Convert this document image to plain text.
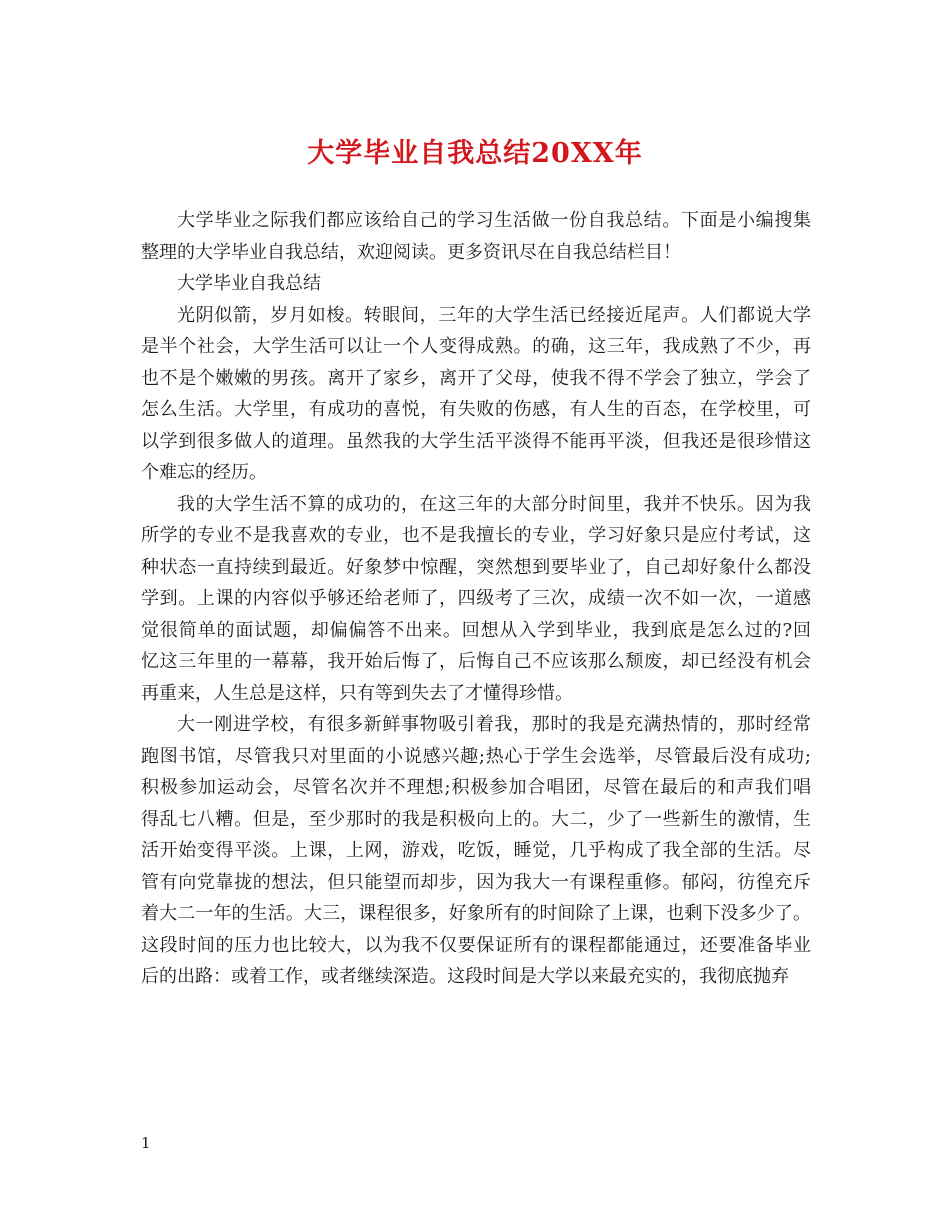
大学毕业自我总结20XX年
大学毕业之际我们都应该给自己的学习生活做一份自我总结。下面是小编搜集
整理的大学毕业自我总结，欢迎阅读。更多资讯尽在自我总结栏目！
大学毕业自我总结
光阴似箭，岁月如梭。转眼间，三年的大学生活已经接近尾声。人们都说大学
是半个社会，大学生活可以让一个人变得成熟。的确，这三年，我成熟了不少，再
也不是个嫩嫩的男孩。离开了家乡，离开了父母，使我不得不学会了独立，学会了
怎么生活。大学里，有成功的喜悦，有失败的伤感，有人生的百态，在学校里，可
以学到很多做人的道理。虽然我的大学生活平淡得不能再平淡，但我还是很珍惜这
个难忘的经历。
我的大学生活不算的成功的，在这三年的大部分时间里，我并不快乐。因为我
所学的专业不是我喜欢的专业，也不是我擅长的专业，学习好象只是应付考试，这
种状态一直持续到最近。好象梦中惊醒，突然想到要毕业了，自己却好象什么都没
学到。上课的内容似乎够还给老师了，四级考了三次，成绩一次不如一次，一道感
觉很简单的面试题，却偏偏答不出来。回想从入学到毕业，我到底是怎么过的?回
忆这三年里的一幕幕，我开始后悔了，后悔自己不应该那么颓废，却已经没有机会
再重来，人生总是这样，只有等到失去了才懂得珍惜。
大一刚进学校，有很多新鲜事物吸引着我，那时的我是充满热情的，那时经常
跑图书馆，尽管我只对里面的小说感兴趣;热心于学生会选举，尽管最后没有成功;
积极参加运动会，尽管名次并不理想;积极参加合唱团，尽管在最后的和声我们唱
得乱七八糟。但是，至少那时的我是积极向上的。大二，少了一些新生的激情，生
活开始变得平淡。上课，上网，游戏，吃饭，睡觉，几乎构成了我全部的生活。尽
管有向党靠拢的想法，但只能望而却步，因为我大一有课程重修。郁闷，彷徨充斥
着大二一年的生活。大三，课程很多，好象所有的时间除了上课，也剩下没多少了。
这段时间的压力也比较大，以为我不仅要保证所有的课程都能通过，还要准备毕业
后的出路：或着工作，或者继续深造。这段时间是大学以来最充实的，我彻底抛弃
1
